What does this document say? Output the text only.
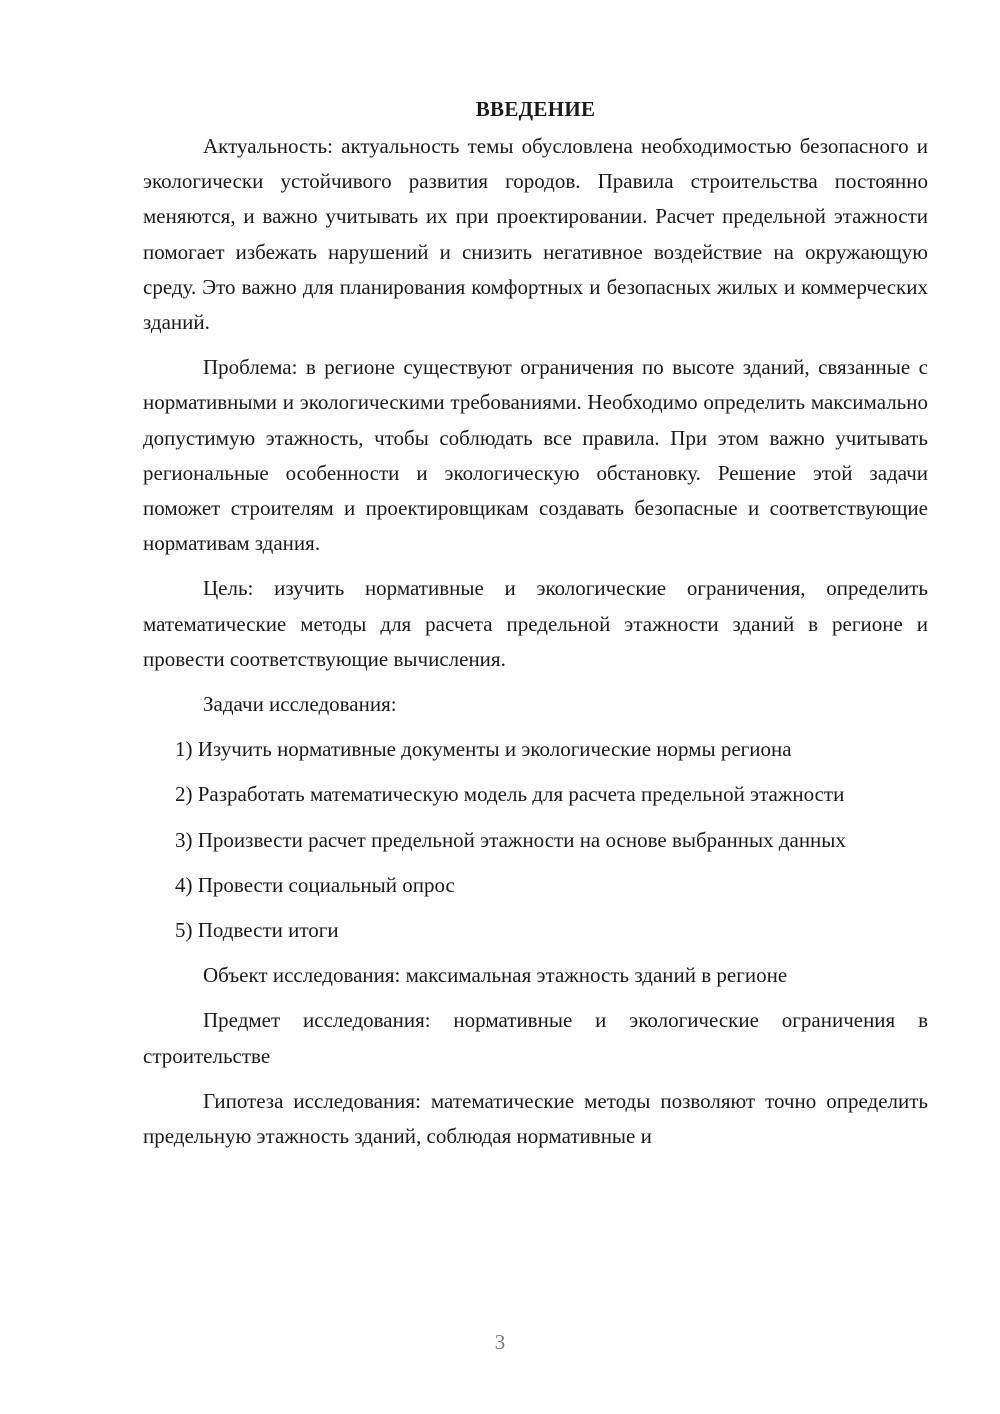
ВВЕДЕНИЕ
Актуальность: актуальность темы обусловлена необходимостью безопасного и экологически устойчивого развития городов. Правила строительства постоянно меняются, и важно учитывать их при проектировании. Расчет предельной этажности помогает избежать нарушений и снизить негативное воздействие на окружающую среду. Это важно для планирования комфортных и безопасных жилых и коммерческих зданий.
Проблема: в регионе существуют ограничения по высоте зданий, связанные с нормативными и экологическими требованиями. Необходимо определить максимально допустимую этажность, чтобы соблюдать все правила. При этом важно учитывать региональные особенности и экологическую обстановку. Решение этой задачи поможет строителям и проектировщикам создавать безопасные и соответствующие нормативам здания.
Цель: изучить нормативные и экологические ограничения, определить математические методы для расчета предельной этажности зданий в регионе и провести соответствующие вычисления.
Задачи исследования:
1) Изучить нормативные документы и экологические нормы региона
2) Разработать математическую модель для расчета предельной этажности
3) Произвести расчет предельной этажности на основе выбранных данных
4) Провести социальный опрос
5) Подвести итоги
Объект исследования: максимальная этажность зданий в регионе
Предмет исследования: нормативные и экологические ограничения в строительстве
Гипотеза исследования: математические методы позволяют точно определить предельную этажность зданий, соблюдая нормативные и
3
